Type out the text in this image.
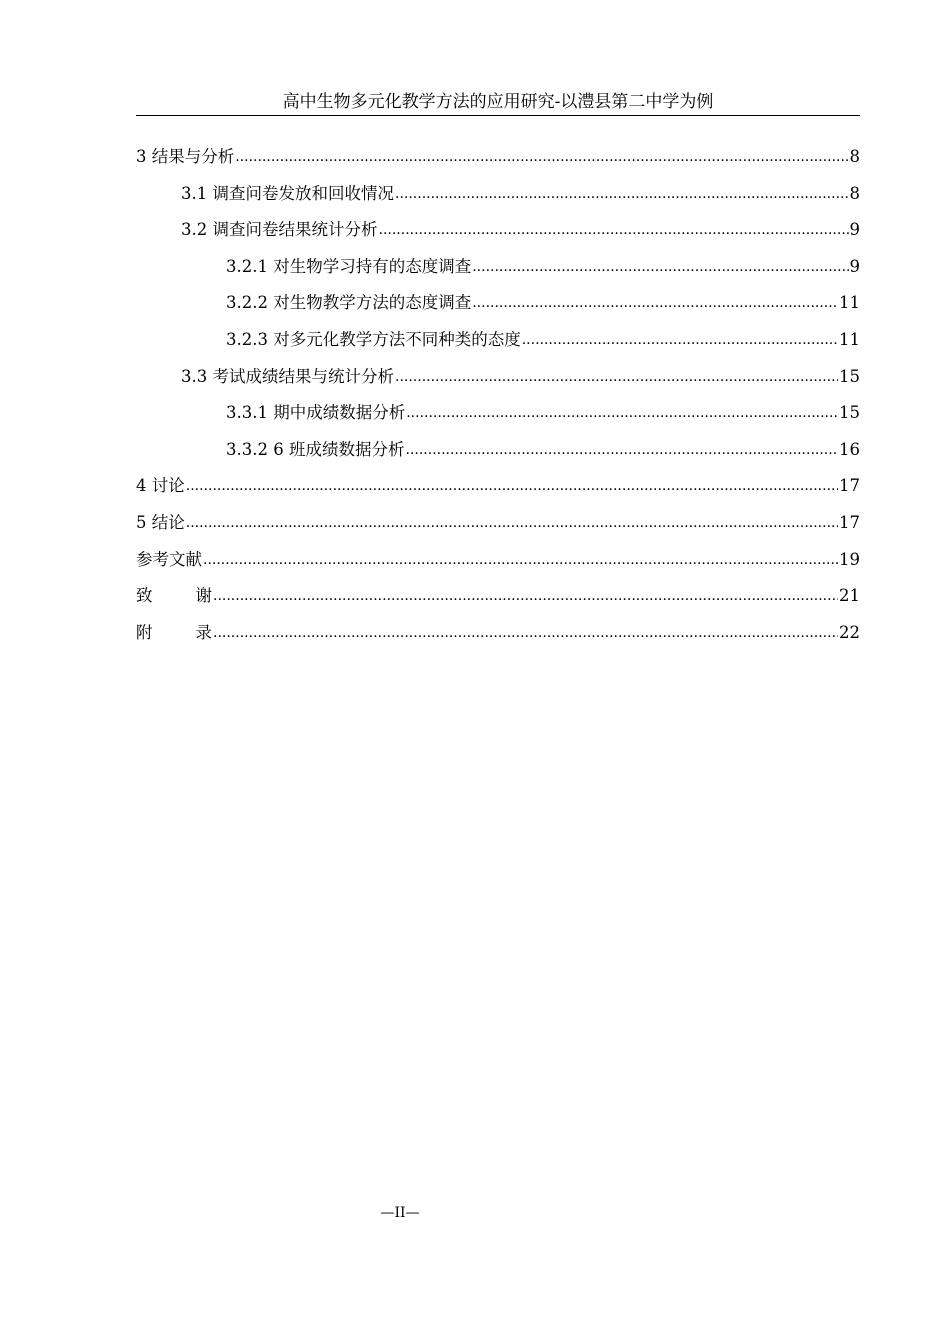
高中生物多元化教学方法的应用研究-以澧县第二中学为例
3 结果与分析 .....	8
3.1 调查问卷发放和回收情况 .....	8
3.2 调查问卷结果统计分析 .....	9
3.2.1 对生物学习持有的态度调查 .....	9
3.2.2 对生物教学方法的态度调查 .....	11
3.2.3 对多元化教学方法不同种类的态度 .....	11
3.3 考试成绩结果与统计分析 .....	15
3.3.1 期中成绩数据分析 .....	15
3.3.2 6 班成绩数据分析 .....	16
4 讨论 .....	17
5 结论 .....	17
参考文献 .....	19
致	谢 .....	21
附	录 .....	22
—II—
